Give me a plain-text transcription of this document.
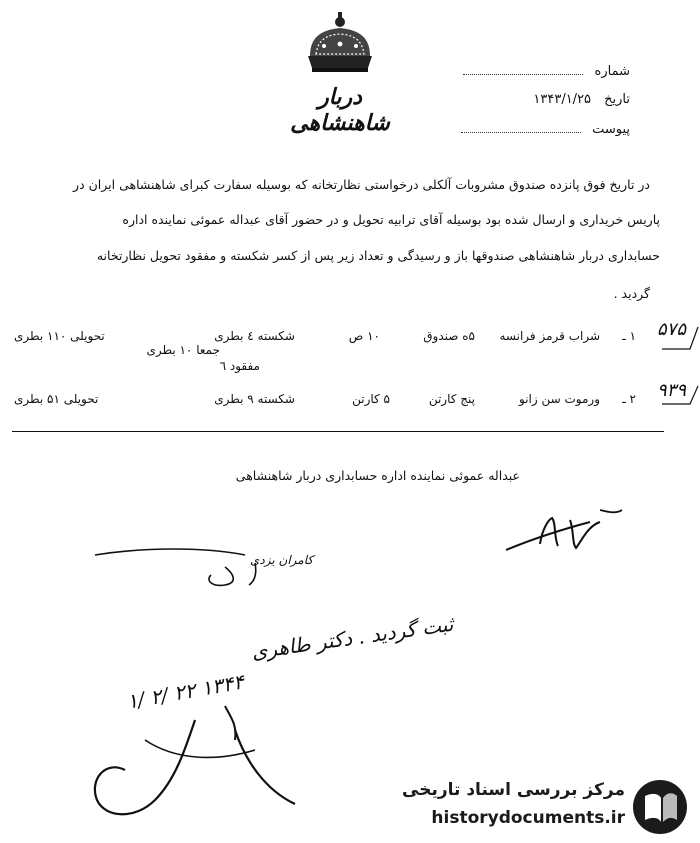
دربار شاهنشاهی
شماره
تاریخ ۱۳۴۳/۱/۲۵
پیوست
در تاریخ فوق پانزده صندوق مشروبات آلکلی درخواستی نظارتخانه که بوسیله سفارت کبرای شاهنشاهی ایران در
پاریس خریداری و ارسال شده بود بوسیله آقای ترابیه تحویل و در حضور آقای عبداله عموئی نماینده اداره
حسابداری دربار شاهنشاهی صندوقها باز و رسیدگی و تعداد زیر پس از کسر شکسته و مفقود تحویل نظارتخانه
گردید .
۵۷۵
۱ ـ
شراب قرمز فرانسه
۵ه صندوق
۱۰ ص
شکسته ٤ بطری
جمعا ۱۰ بطری
مفقود ٦
تحویلی ۱۱۰ بطری
۹۳۹
۲ ـ
ورموت سن زانو
پنج کارتن
۵ کارتن
شکسته ۹ بطری
تحویلی ۵۱ بطری
عبداله عموئی نماینده اداره حسابداری دربار شاهنشاهی
کامران یزدی
ثبت گردید . دکتر طاهری
۱/ ۲/ ۲۲ ۱۳۴۴
مرکز بررسی اسناد تاریخی
historydocuments.ir
